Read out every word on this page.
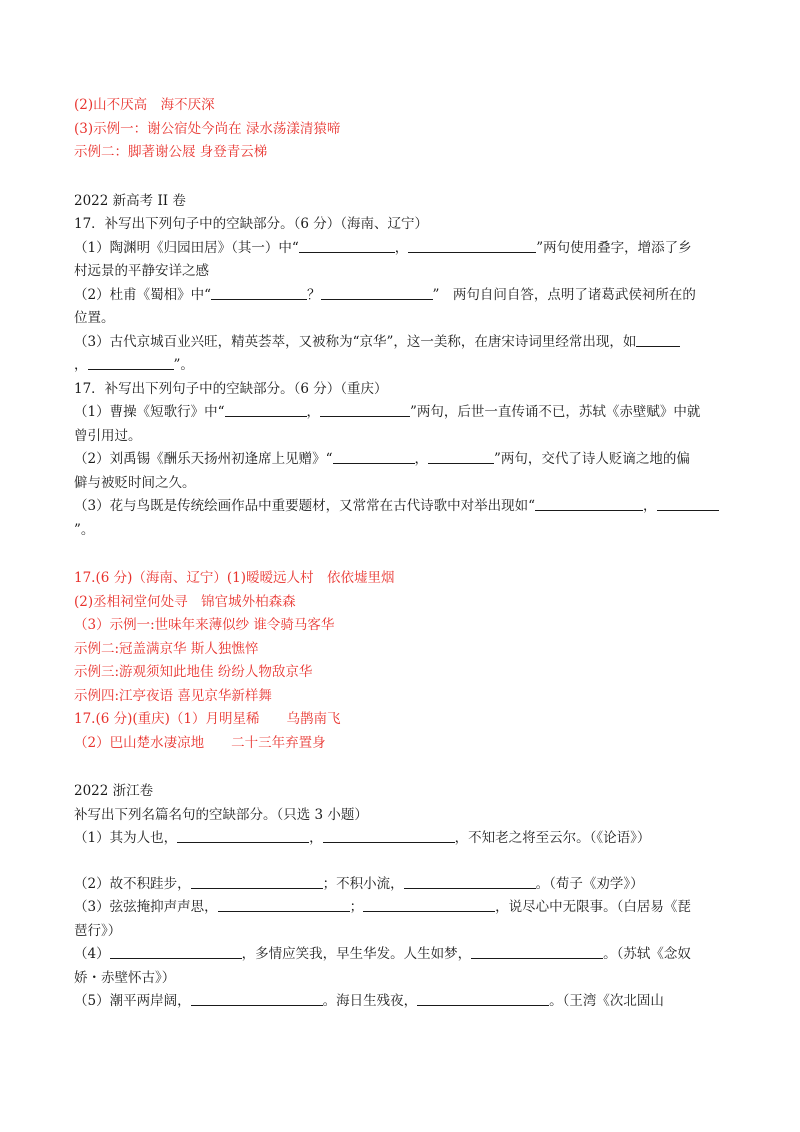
(2)山不厌高　海不厌深
(3)示例一：谢公宿处今尚在 渌水荡漾清猿啼
示例二：脚著谢公屐 身登青云梯
2022 新高考 II 卷
17．补写出下列句子中的空缺部分。（6 分）（海南、辽宁）
（1）陶渊明《归园田居》（其一）中“	，	”两句使用叠字，增添了乡
村远景的平静安详之感
（2）杜甫《蜀相》中“	？	”　两句自问自答，点明了诸葛武侯祠所在的
位置。
（3）古代京城百业兴旺，精英荟萃，又被称为“京华”，这一美称，在唐宋诗词里经常出现，如
，	”。
17．补写出下列句子中的空缺部分。（6 分）（重庆）
（1）曹操《短歌行》中“	，	”两句，后世一直传诵不已，苏轼《赤壁赋》中就
曾引用过。
（2）刘禹锡《酬乐天扬州初逢席上见赠》“	，	”两句，交代了诗人贬谪之地的偏
僻与被贬时间之久。
（3）花与鸟既是传统绘画作品中重要题材，又常常在古代诗歌中对举出现如“	，
”。
17.(6 分)（海南、辽宁）(1)暧暧远人村　依依墟里烟
(2)丞相祠堂何处寻　锦官城外柏森森
（3）示例一:世味年来薄似纱 谁令骑马客华
示例二:冠盖满京华 斯人独憔悴
示例三:游观须知此地佳 纷纷人物敌京华
示例四:江亭夜语 喜见京华新样舞
17.(6 分)(重庆)（1）月明星稀　　乌鹊南飞
（2）巴山楚水凄凉地　　二十三年弃置身
2022 浙江卷
补写出下列名篇名句的空缺部分。（只选 3 小题）
（1）其为人也，	，	，不知老之将至云尔。（《论语》）
（2）故不积跬步，	；不积小流，	。（荀子《劝学》）
（3）弦弦掩抑声声思，	；	，说尽心中无限事。（白居易《琵
琶行》）
（4）	，多情应笑我，早生华发。人生如梦，	。（苏轼《念奴
娇・赤壁怀古》）
（5）潮平两岸阔，	。海日生残夜，	。（王湾《次北固山
